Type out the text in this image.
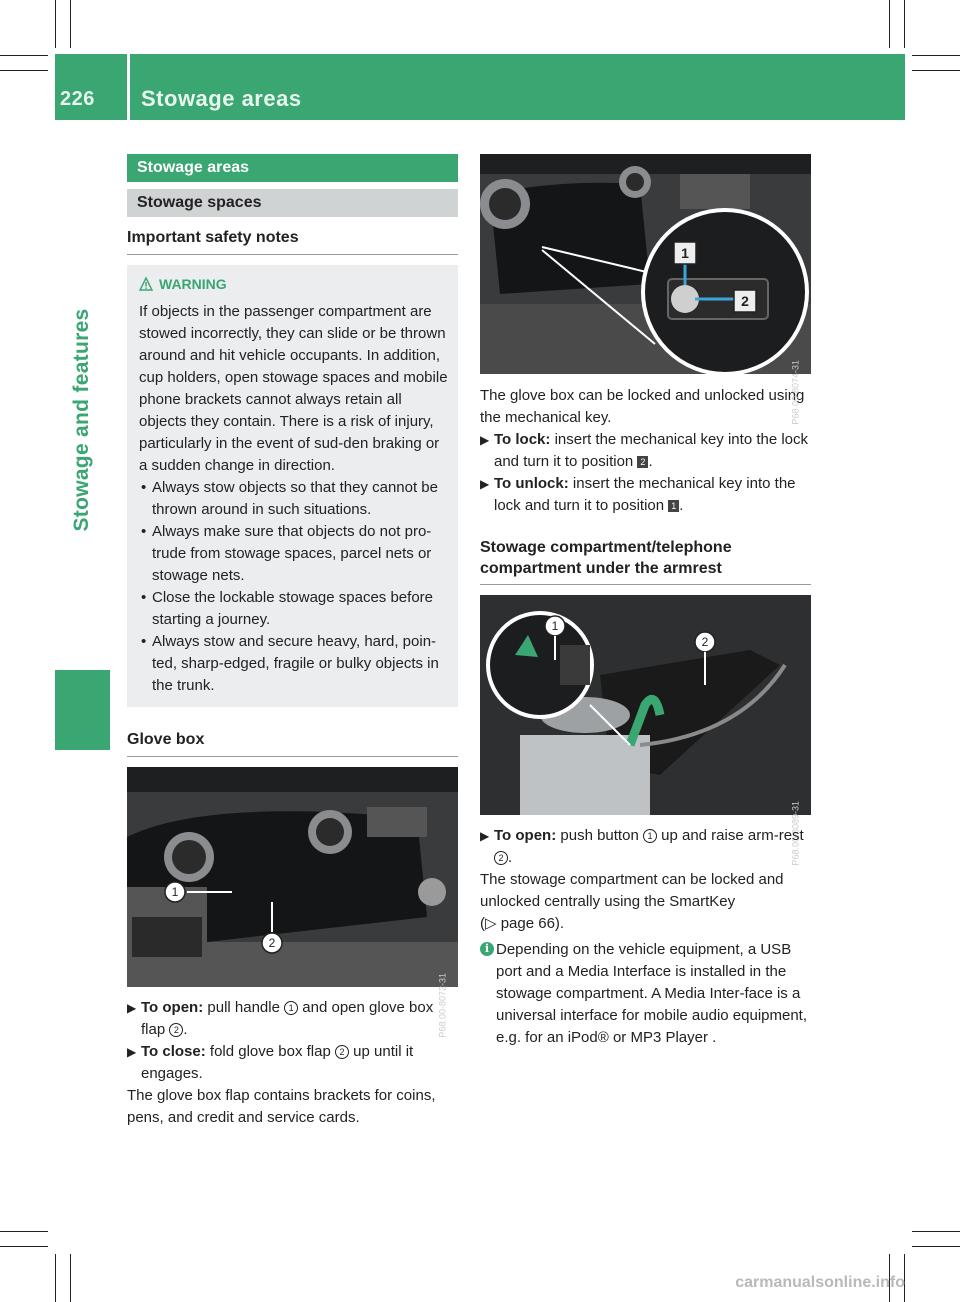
226 Stowage areas
Stowage and features
Stowage areas
Stowage spaces
Important safety notes
WARNING
If objects in the passenger compartment are stowed incorrectly, they can slide or be thrown around and hit vehicle occupants. In addition, cup holders, open stowage spaces and mobile phone brackets cannot always retain all objects they contain. There is a risk of injury, particularly in the event of sud-den braking or a sudden change in direction.
• Always stow objects so that they cannot be thrown around in such situations.
• Always make sure that objects do not pro-trude from stowage spaces, parcel nets or stowage nets.
• Close the lockable stowage spaces before starting a journey.
• Always stow and secure heavy, hard, poin-ted, sharp-edged, fragile or bulky objects in the trunk.
Glove box
1
2
P68.00-8072-31
▶ To open: pull handle 1 and open glove box flap 2 .
▶ To close: fold glove box flap 2 up until it engages.
The glove box flap contains brackets for coins, pens, and credit and service cards.
1
2
P68.00-8074-31
The glove box can be locked and unlocked using the mechanical key.
▶ To lock: insert the mechanical key into the lock and turn it to position 2 .
▶ To unlock: insert the mechanical key into the lock and turn it to position 1 .
Stowage compartment/telephone compartment under the armrest
1
2
P68.00-8089-31
▶ To open: push button 1 up and raise arm-rest 2 .
The stowage compartment can be locked and unlocked centrally using the SmartKey
(▷ page 66).
i Depending on the vehicle equipment, a USB port and a Media Interface is installed in the stowage compartment. A Media Inter-face is a universal interface for mobile audio equipment, e.g. for an iPod® or MP3 Player .
carmanualsonline.info
